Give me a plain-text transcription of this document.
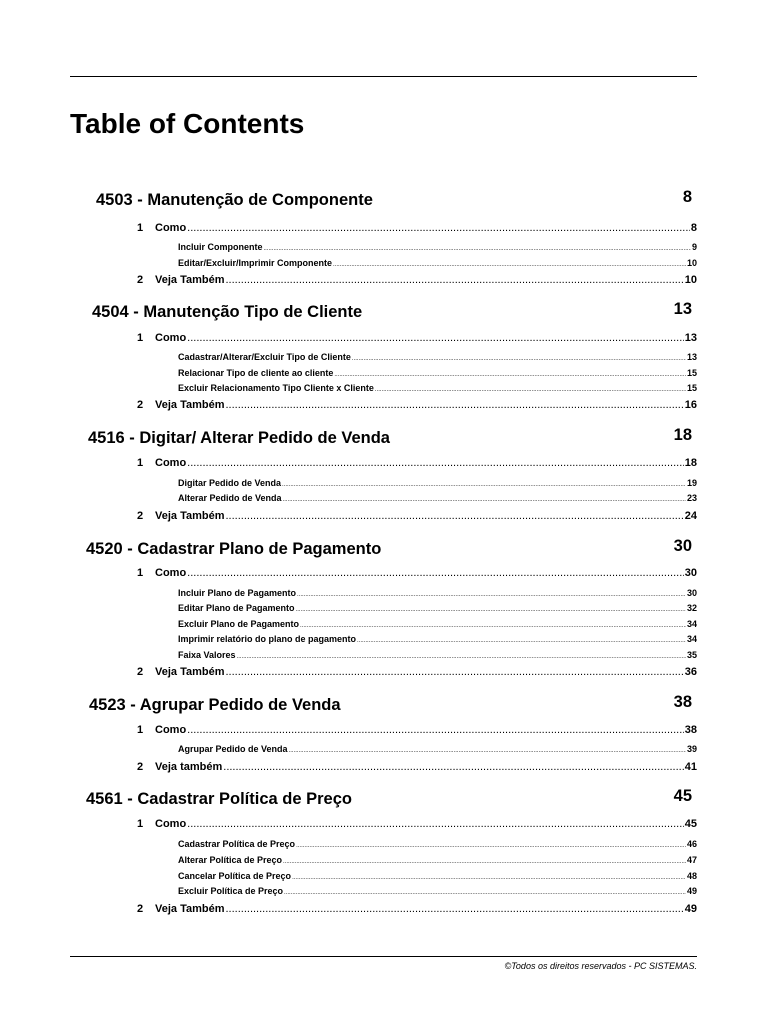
Table of Contents
4503 - Manutenção de Componente	8
1	Como .....	8
Incluir Componente .....	9
Editar/Excluir/Imprimir Componente .....	10
2	Veja Também .....	10
4504 - Manutenção Tipo de Cliente	13
1	Como .....	13
Cadastrar/Alterar/Excluir Tipo de Cliente .....	13
Relacionar Tipo de cliente ao cliente .....	15
Excluir Relacionamento Tipo Cliente x Cliente .....	15
2	Veja Também .....	16
4516 - Digitar/ Alterar Pedido de Venda	18
1	Como .....	18
Digitar Pedido de Venda .....	19
Alterar Pedido de Venda .....	23
2	Veja Também .....	24
4520 - Cadastrar Plano de Pagamento	30
1	Como .....	30
Incluir Plano de Pagamento .....	30
Editar Plano de Pagamento .....	32
Excluir Plano de Pagamento .....	34
Imprimir relatório do plano de pagamento .....	34
Faixa Valores .....	35
2	Veja Também .....	36
4523 - Agrupar Pedido de Venda	38
1	Como .....	38
Agrupar Pedido de Venda .....	39
2	Veja também .....	41
4561 - Cadastrar Política de Preço	45
1	Como .....	45
Cadastrar Política de Preço .....	46
Alterar Política de Preço .....	47
Cancelar Política de Preço .....	48
Excluir Política de Preço .....	49
2	Veja Também .....	49
©Todos os direitos reservados - PC SISTEMAS.
